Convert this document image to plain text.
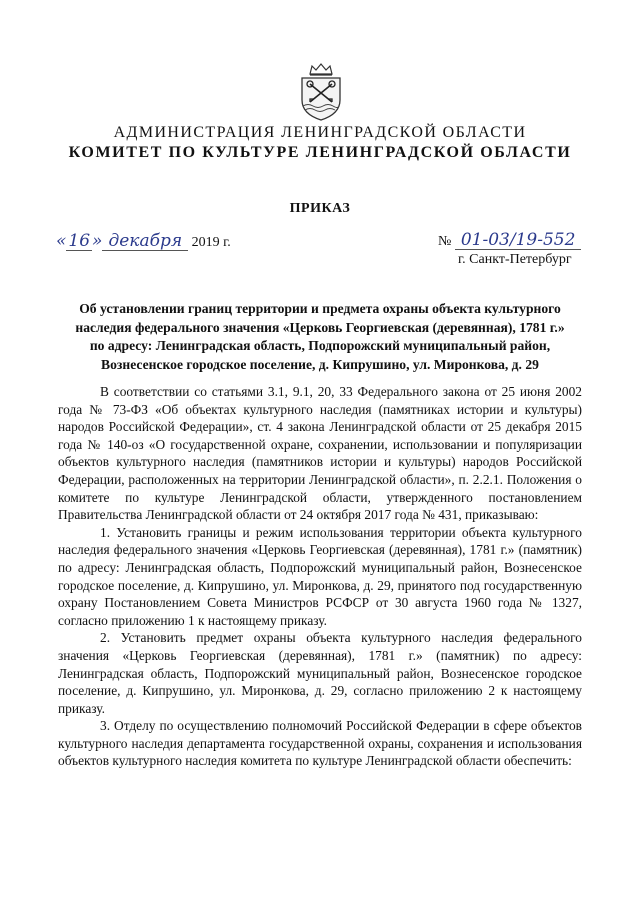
АДМИНИСТРАЦИЯ ЛЕНИНГРАДСКОЙ ОБЛАСТИ
КОМИТЕТ ПО КУЛЬТУРЕ ЛЕНИНГРАДСКОЙ ОБЛАСТИ
ПРИКАЗ
« 16 » декабря 2019 г.	№ 01-03/19-552
г. Санкт-Петербург
Об установлении границ территории и предмета охраны объекта культурного
наследия федерального значения «Церковь Георгиевская (деревянная), 1781 г.»
по адресу: Ленинградская область, Подпорожский муниципальный район,
Вознесенское городское поселение, д. Кипрушино, ул. Миронкова, д. 29

В соответствии со статьями 3.1, 9.1, 20, 33 Федерального закона от 25 июня 2002 года № 73-ФЗ «Об объектах культурного наследия (памятниках истории и культуры) народов Российской Федерации», ст. 4 закона Ленинградской области от 25 декабря 2015 года № 140-оз «О государственной охране, сохранении, использовании и популяризации объектов культурного наследия (памятников истории и культуры) народов Российской Федерации, расположенных на территории Ленинградской области», п. 2.2.1. Положения о комитете по культуре Ленинградской области, утвержденного постановлением Правительства Ленинградской области от 24 октября 2017 года № 431, приказываю:

1. Установить границы и режим использования территории объекта культурного наследия федерального значения «Церковь Георгиевская (деревянная), 1781 г.» (памятник) по адресу: Ленинградская область, Подпорожский муниципальный район, Вознесенское городское поселение, д. Кипрушино, ул. Миронкова, д. 29, принятого под государственную охрану Постановлением Совета Министров РСФСР от 30 августа 1960 года № 1327, согласно приложению 1 к настоящему приказу.

2. Установить предмет охраны объекта культурного наследия федерального значения «Церковь Георгиевская (деревянная), 1781 г.» (памятник) по адресу: Ленинградская область, Подпорожский муниципальный район, Вознесенское городское поселение, д. Кипрушино, ул. Миронкова, д. 29, согласно приложению 2 к настоящему приказу.

3. Отделу по осуществлению полномочий Российской Федерации в сфере объектов культурного наследия департамента государственной охраны, сохранения и использования объектов культурного наследия комитета по культуре Ленинградской области обеспечить:
